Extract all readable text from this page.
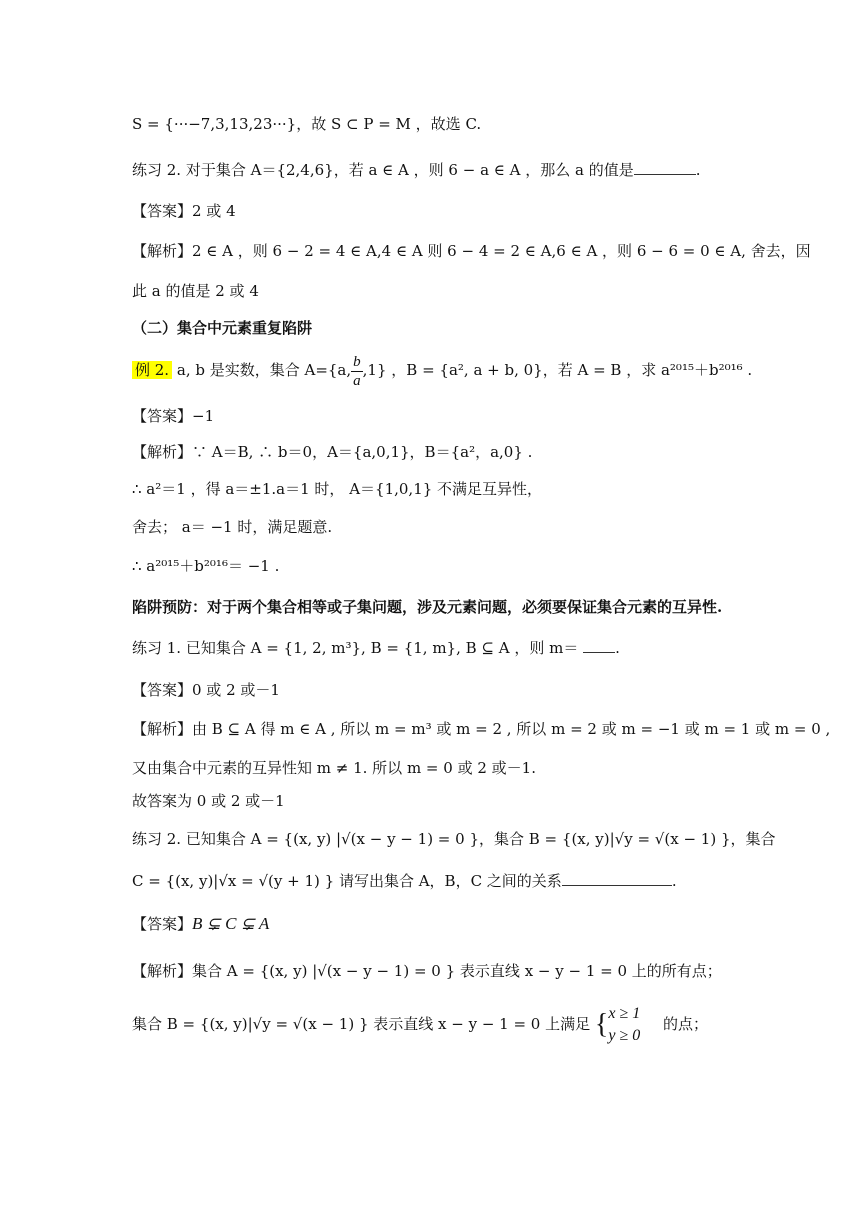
S = {···−7,3,13,23···}，故 S ⊂ P = M ，故选 C.
练习 2. 对于集合 A＝{2,4,6}，若 a ∈ A ，则 6 − a ∈ A ，那么 a 的值是	.
【答案】2 或 4
【解析】2 ∈ A ，则 6 − 2 = 4 ∈ A,4 ∈ A 则 6 − 4 = 2 ∈ A,6 ∈ A ，则 6 − 6 = 0 ∈ A, 舍去，因
此 a 的值是 2 或 4
（二）集合中元素重复陷阱
例 2. a, b 是实数，集合 A={a, $\frac{b}{a} ,1$} ，B = {a², a + b, 0}，若 A = B ，求 a²⁰¹⁵＋b²⁰¹⁶ .
【答案】−1
【解析】∵ A＝B, ∴ b＝0，A＝{a,0,1}，B＝{a²，a,0} .
∴ a²＝1 ，得 a＝±1.a＝1 时， A＝{1,0,1} 不满足互异性，
舍去； a＝ −1 时，满足题意.
∴ a²⁰¹⁵＋b²⁰¹⁶＝ −1 .
陷阱预防：对于两个集合相等或子集问题，涉及元素问题，必须要保证集合元素的互异性.
练习 1. 已知集合 A = {1, 2, m³}, B = {1, m}, B ⊆ A ，则 m＝ .
【答案】0 或 2 或－1
【解析】由 B ⊆ A 得 m ∈ A , 所以 m = m³ 或 m = 2 , 所以 m = 2 或 m = −1 或 m = 1 或 m = 0 ,
又由集合中元素的互异性知 m ≠ 1. 所以 m = 0 或 2 或－1.
故答案为 0 或 2 或－1
练习 2. 已知集合 A = {(x, y) |√(x − y − 1) = 0 }，集合 B = {(x, y)|√y = √(x − 1) }，集合
C = {(x, y)|√x = √(y + 1) } 请写出集合 A，B，C 之间的关系	.
【答案】B ⊊ C ⊊ A
【解析】集合 A = {(x, y) |√(x − y − 1) = 0 } 表示直线 x − y − 1 = 0 上的所有点；
集合 B = {(x, y)|√y = √(x − 1) } 表示直线 x − y − 1 = 0 上满足 { x ≥ 1
y ≥ 0
的点；
